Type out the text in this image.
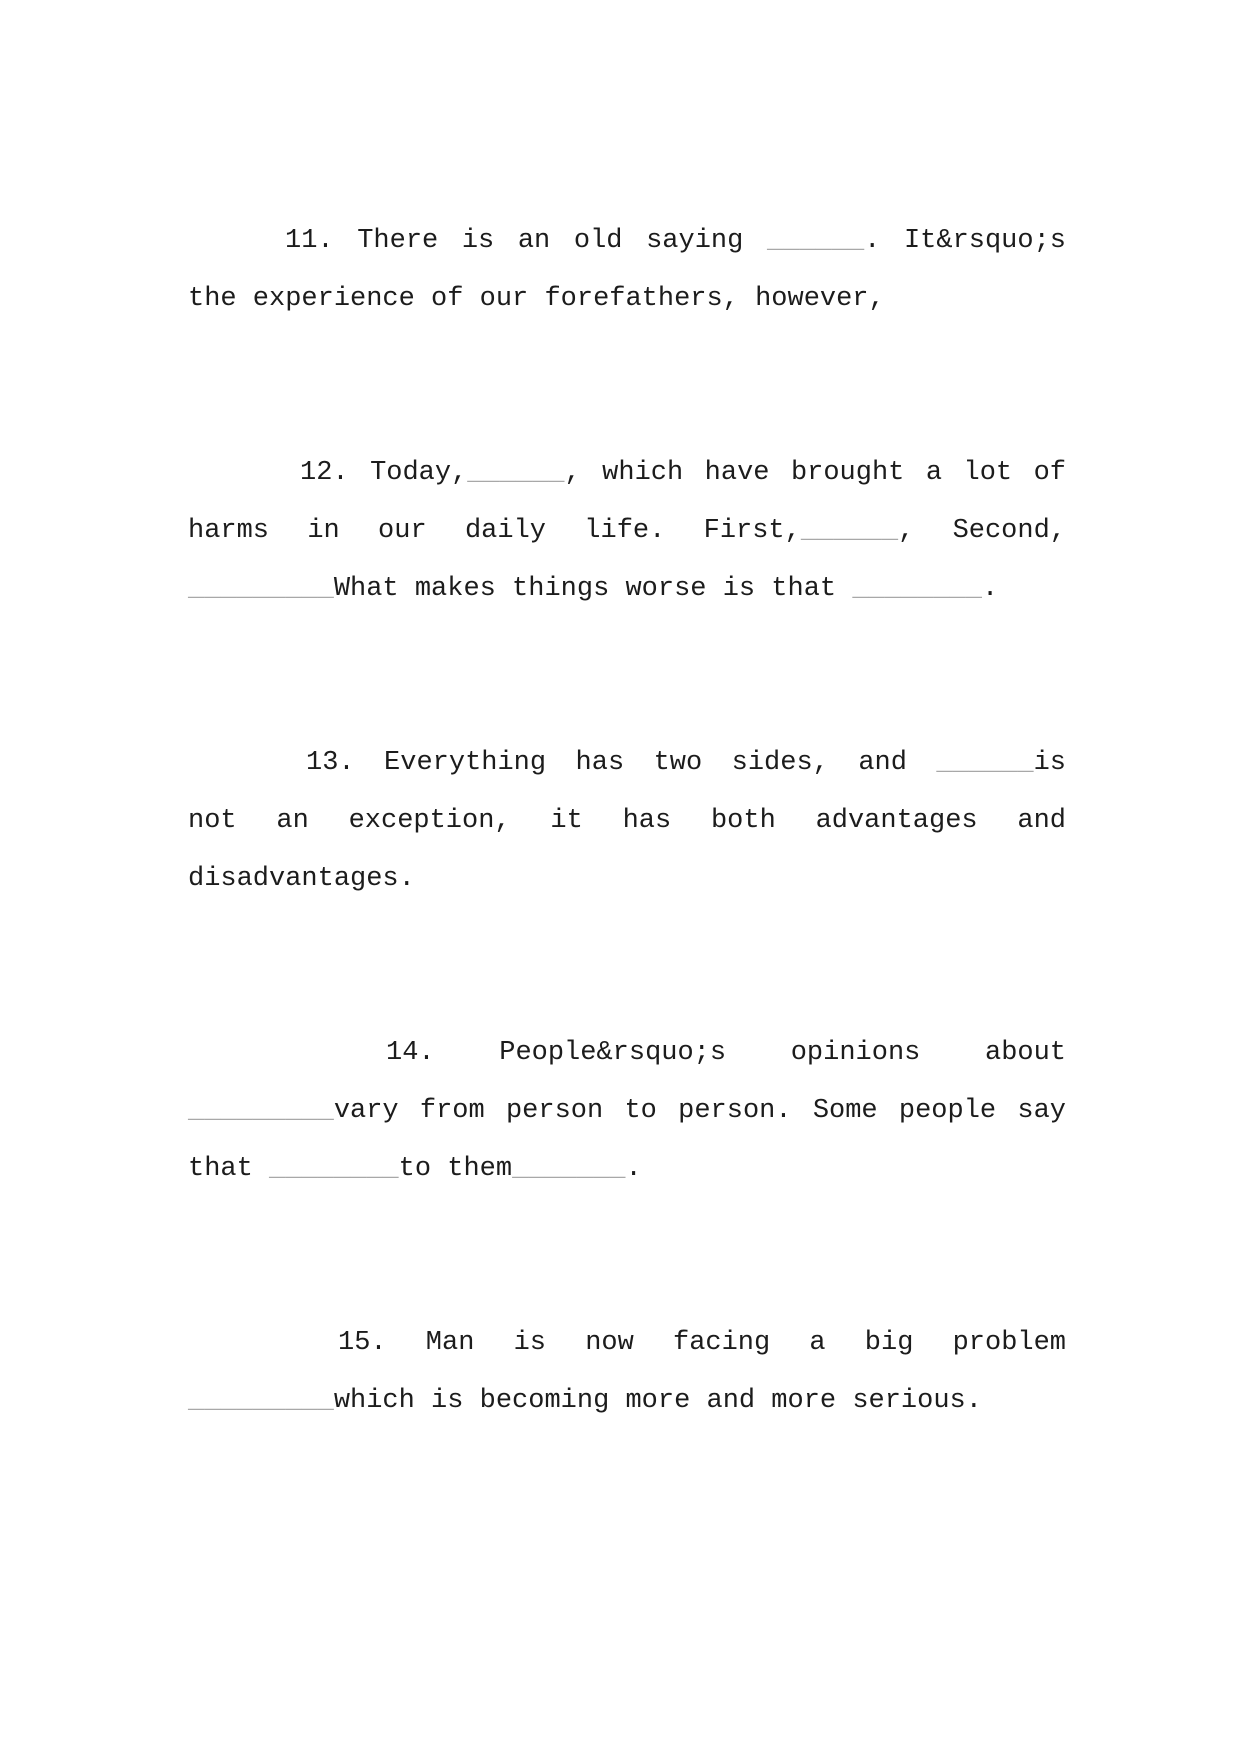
11. There is an old saying ______. It&rsquo;s
the experience of our forefathers, however,
12. Today,______, which have brought a lot of
harms in our daily life. First,______, Second,
_________What makes things worse is that ________.
13. Everything has two sides, and ______is
not an exception, it has both advantages and
disadvantages.
14. People&rsquo;s opinions about
_________vary from person to person. Some people say
that ________to them_______.
15. Man is now facing a big problem
_________which is becoming more and more serious.
